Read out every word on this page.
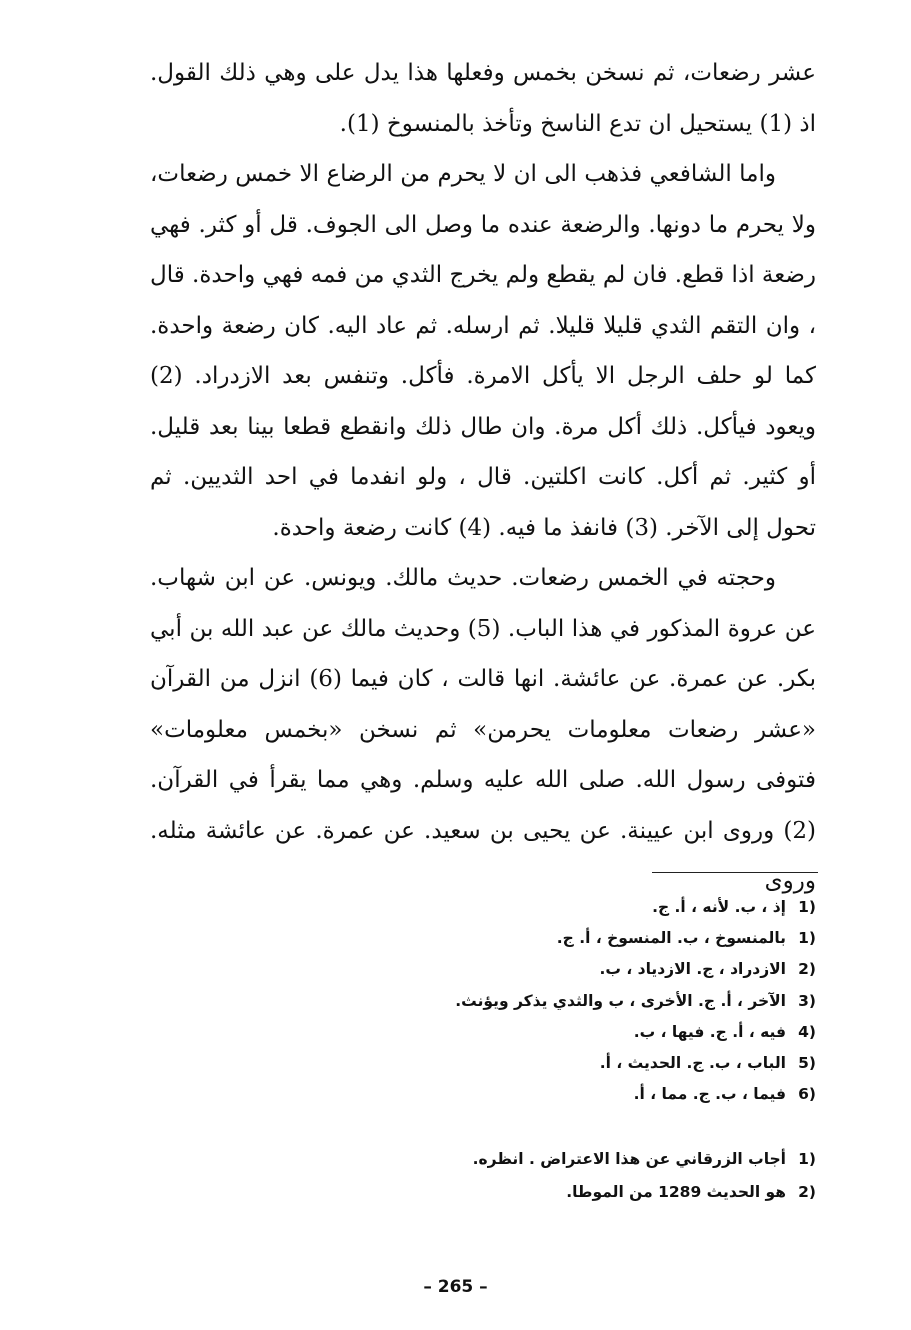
عشر رضعات، ثم نسخن بخمس وفعلها هذا يدل على وهي ذلك القول. اذ (1) يستحيل ان تدع الناسخ وتأخذ بالمنسوخ (1).

واما الشافعي فذهب الى ان لا يحرم من الرضاع الا خمس رضعات، ولا يحرم ما دونها. والرضعة عنده ما وصل الى الجوف. قل أو كثر. فهي رضعة اذا قطع. فان لم يقطع ولم يخرج الثدي من فمه فهي واحدة. قال ، وان التقم الثدي قليلا قليلا. ثم ارسله. ثم عاد اليه. كان رضعة واحدة. كما لو حلف الرجل الا يأكل الامرة. فأكل. وتنفس بعد الازدراد. (2) ويعود فيأكل. ذلك أكل مرة. وان طال ذلك وانقطع قطعا بينا بعد قليل. أو كثير. ثم أكل. كانت اكلتين. قال ، ولو انفدما في احد الثديين. ثم تحول إلى الآخر. (3) فانفذ ما فيه. (4) كانت رضعة واحدة.

وحجته في الخمس رضعات. حديث مالك. ويونس. عن ابن شهاب. عن عروة المذكور في هذا الباب. (5) وحديث مالك عن عبد الله بن أبي بكر. عن عمرة. عن عائشة. انها قالت ، كان فيما (6) انزل من القرآن «عشر رضعات معلومات يحرمن» ثم نسخن «بخمس معلومات» فتوفى رسول الله. صلى الله عليه وسلم. وهي مما يقرأ في القرآن. (2) وروى ابن عيينة. عن يحيى بن سعيد. عن عمرة. عن عائشة مثله. وروى

(1
إذ ، ب. لأنه ، أ. ج.
(1
بالمنسوخ ، ب. المنسوخ ، أ. ج.
(2
الازدراد ، ج. الازدياد ، ب.
(3
الآخر ، أ. ج. الأخرى ، ب والثدي يذكر ويؤنث.
(4
فيه ، أ. ج. فيها ، ب.
(5
الباب ، ب. ج. الحديث ، أ.
(6
فيما ، ب. ج. مما ، أ.
(1
أجاب الزرقاني عن هذا الاعتراض . انظره.
(2
هو الحديث 1289 من الموطا.
– 265 –
